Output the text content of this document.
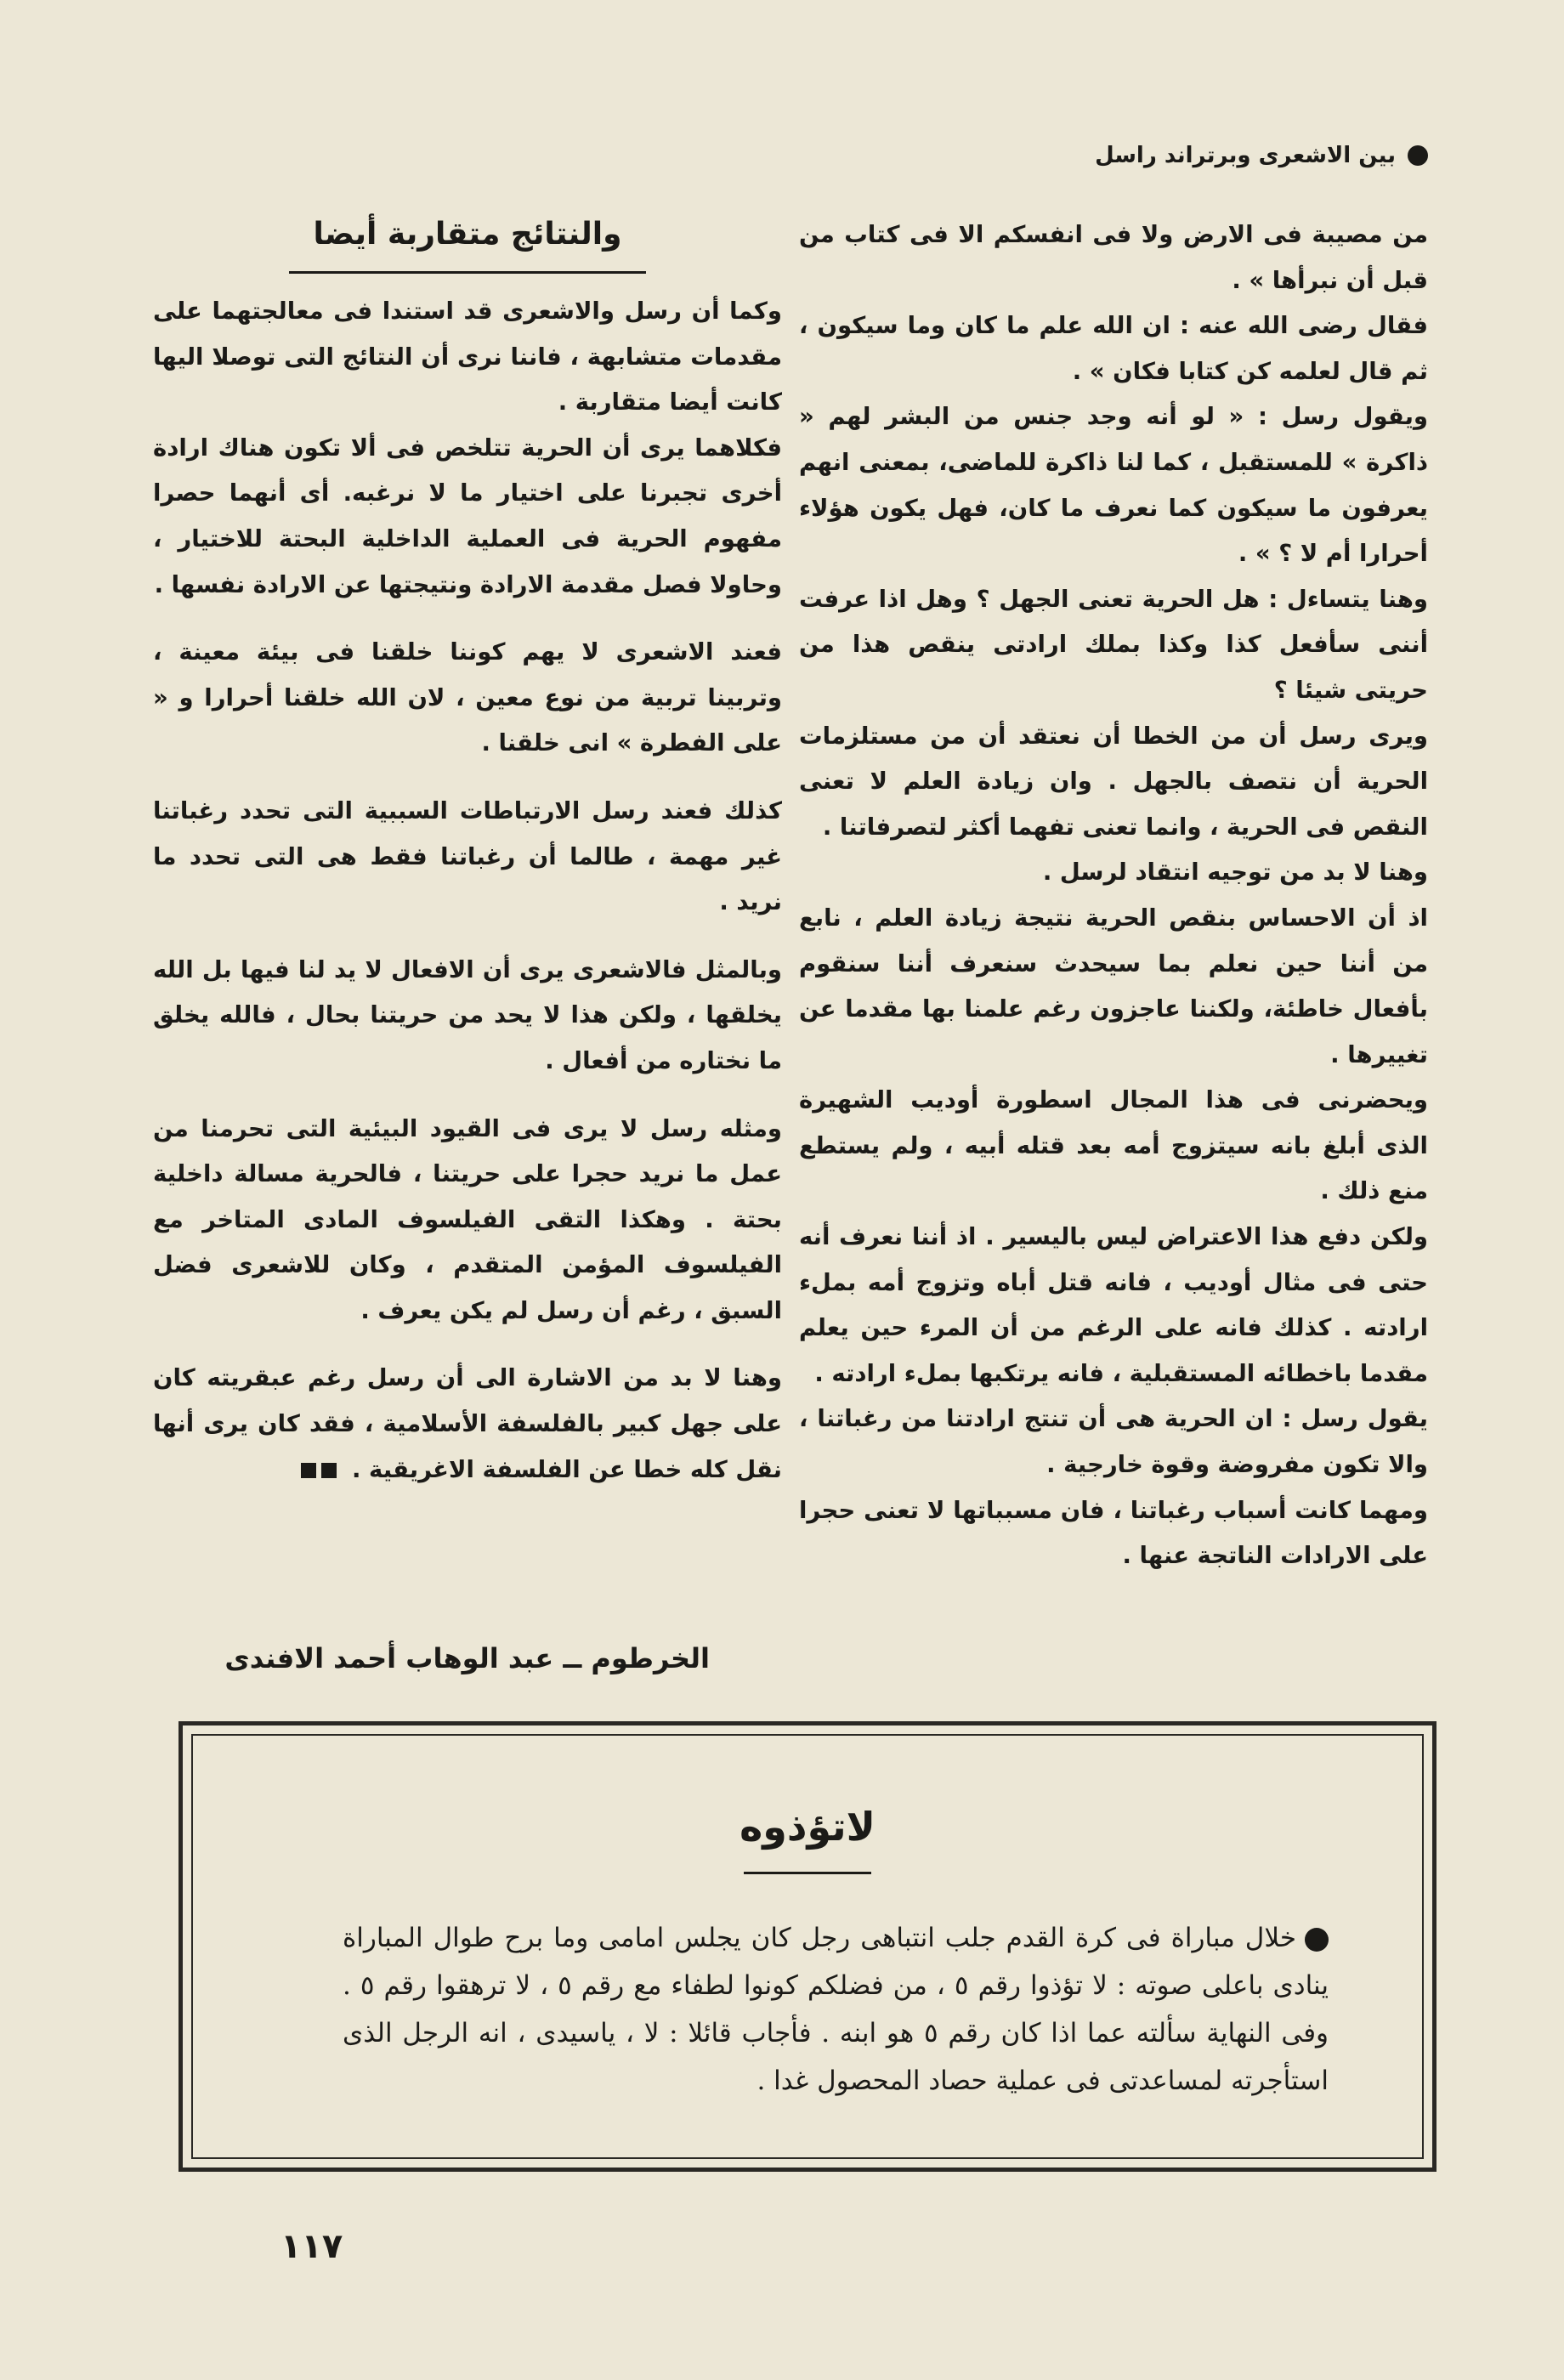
بين الاشعرى وبرتراند راسل

من مصيبة فى الارض ولا فى انفسكم الا فى كتاب من قبل أن نبرأها » .

فقال رضى الله عنه : ان الله علم ما كان وما سيكون ، ثم قال لعلمه كن كتابا فكان » .

ويقول رسل : « لو أنه وجد جنس من البشر لهم « ذاكرة » للمستقبل ، كما لنا ذاكرة للماضى، بمعنى انهم يعرفون ما سيكون كما نعرف ما كان، فهل يكون هؤلاء أحرارا أم لا ؟ » .

وهنا يتساءل : هل الحرية تعنى الجهل ؟ وهل اذا عرفت أننى سأفعل كذا وكذا بملك ارادتى ينقص هذا من حريتى شيئا ؟

ويرى رسل أن من الخطا أن نعتقد أن من مستلزمات الحرية أن نتصف بالجهل . وان زيادة العلم لا تعنى النقص فى الحرية ، وانما تعنى تفهما أكثر لتصرفاتنا .

وهنا لا بد من توجيه انتقاد لرسل .

اذ أن الاحساس بنقص الحرية نتيجة زيادة العلم ، نابع من أننا حين نعلم بما سيحدث سنعرف أننا سنقوم بأفعال خاطئة، ولكننا عاجزون رغم علمنا بها مقدما عن تغييرها .

ويحضرنى فى هذا المجال اسطورة أوديب الشهيرة الذى أبلغ بانه سيتزوج أمه بعد قتله أبيه ، ولم يستطع منع ذلك .

ولكن دفع هذا الاعتراض ليس باليسير . اذ أننا نعرف أنه حتى فى مثال أوديب ، فانه قتل أباه وتزوج أمه بملء ارادته . كذلك فانه على الرغم من أن المرء حين يعلم مقدما باخطائه المستقبلية ، فانه يرتكبها بملء ارادته .

يقول رسل : ان الحرية هى أن تنتج ارادتنا من رغباتنا ، والا تكون مفروضة وقوة خارجية .

ومهما كانت أسباب رغباتنا ، فان مسبباتها لا تعنى حجرا على الارادات الناتجة عنها .

والنتائج متقاربة أيضا

وكما أن رسل والاشعرى قد استندا فى معالجتهما على مقدمات متشابهة ، فاننا نرى أن النتائج التى توصلا اليها كانت أيضا متقاربة .

فكلاهما يرى أن الحرية تتلخص فى ألا تكون هناك ارادة أخرى تجبرنا على اختيار ما لا نرغبه. أى أنهما حصرا مفهوم الحرية فى العملية الداخلية البحتة للاختيار ، وحاولا فصل مقدمة الارادة ونتيجتها عن الارادة نفسها .

فعند الاشعرى لا يهم كوننا خلقنا فى بيئة معينة ، وتربينا تربية من نوع معين ، لان الله خلقنا أحرارا و « على الفطرة » انى خلقنا .

كذلك فعند رسل الارتباطات السببية التى تحدد رغباتنا غير مهمة ، طالما أن رغباتنا فقط هى التى تحدد ما نريد .

وبالمثل فالاشعرى يرى أن الافعال لا يد لنا فيها بل الله يخلقها ، ولكن هذا لا يحد من حريتنا بحال ، فالله يخلق ما نختاره من أفعال .

ومثله رسل لا يرى فى القيود البيئية التى تحرمنا من عمل ما نريد حجرا على حريتنا ، فالحرية مسالة داخلية بحتة . وهكذا التقى الفيلسوف المادى المتاخر مع الفيلسوف المؤمن المتقدم ، وكان للاشعرى فضل السبق ، رغم أن رسل لم يكن يعرف .

وهنا لا بد من الاشارة الى أن رسل رغم عبقريته كان على جهل كبير بالفلسفة الأسلامية ، فقد كان يرى أنها نقل كله خطا عن الفلسفة الاغريقية .

الخرطوم ــ عبد الوهاب أحمد الافندى
لاتؤذوه
خلال مباراة فى كرة القدم جلب انتباهى رجل كان يجلس امامى وما برح طوال المباراة ينادى باعلى صوته : لا تؤذوا رقم ٥ ، من فضلكم كونوا لطفاء مع رقم ٥ ، لا ترهقوا رقم ٥ . وفى النهاية سألته عما اذا كان رقم ٥ هو ابنه . فأجاب قائلا : لا ، ياسيدى ، انه الرجل الذى استأجرته لمساعدتى فى عملية حصاد المحصول غدا .
١١٧
